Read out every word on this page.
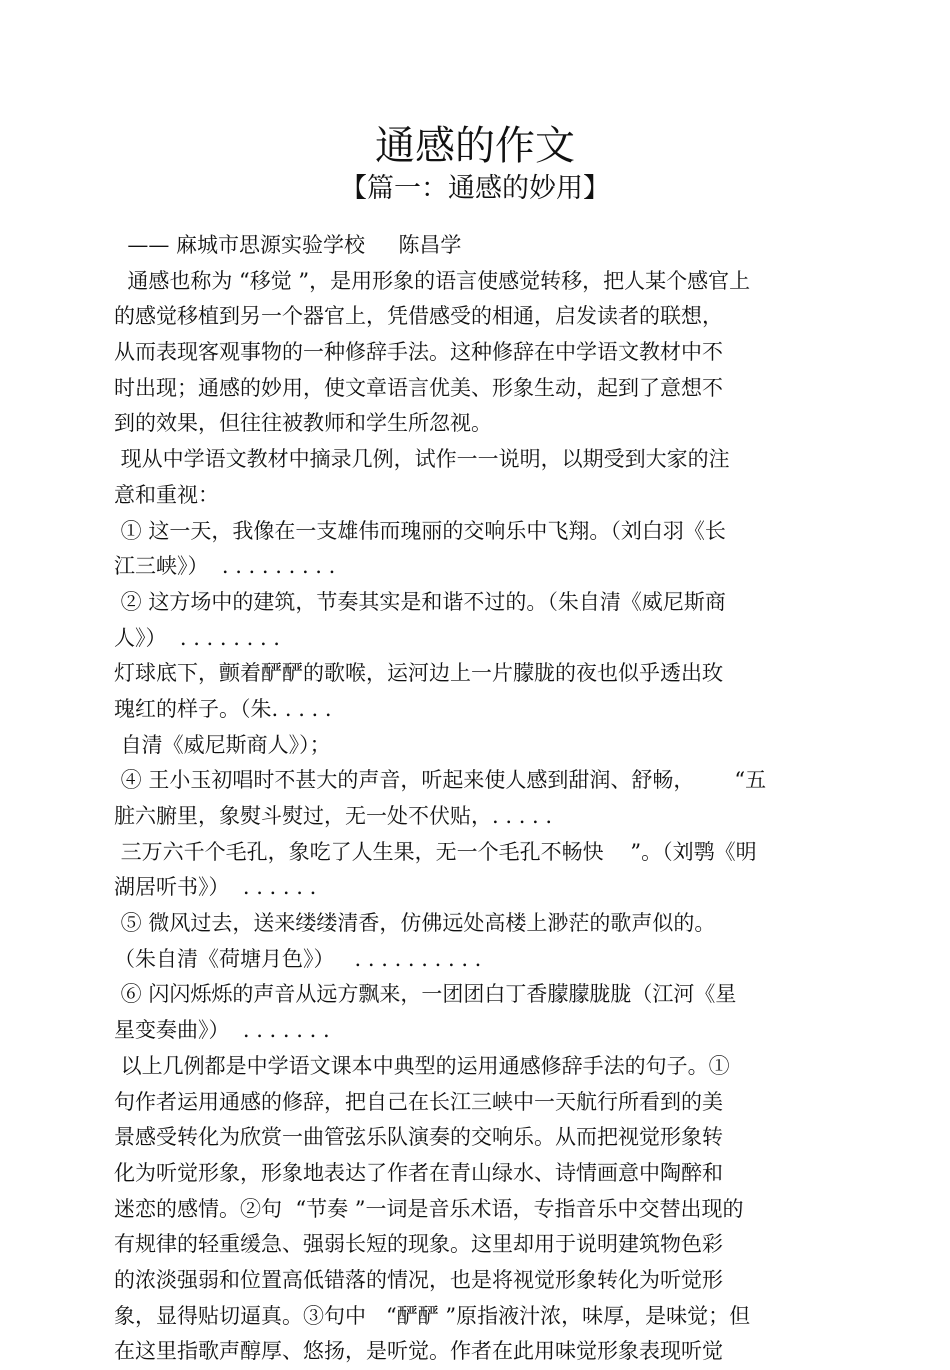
通感的作文
【篇一：通感的妙用】
—— 麻城市思源实验学校     陈昌学
通感也称为 “移觉 ”，是用形象的语言使感觉转移，把人某个感官上
的感觉移植到另一个器官上，凭借感受的相通，启发读者的联想，
从而表现客观事物的一种修辞手法。这种修辞在中学语文教材中不
时出现；通感的妙用，使文章语言优美、形象生动，起到了意想不
到的效果，但往往被教师和学生所忽视。
现从中学语文教材中摘录几例，试作一一说明，以期受到大家的注
意和重视：
① 这一天，我像在一支雄伟而瑰丽的交响乐中飞翔。（刘白羽《长
江三峡》）  . . . . . . . . .
② 这方场中的建筑，节奏其实是和谐不过的。（朱自清《威尼斯商
人》）  . . . . . . . .
灯球底下，颤着酽酽的歌喉，运河边上一片朦胧的夜也似乎透出玫
瑰红的样子。（朱. . . . .
自清《威尼斯商人》）；
④ 王小玉初唱时不甚大的声音，听起来使人感到甜润、舒畅，      “五
脏六腑里，象熨斗熨过，无一处不伏贴，. . . . .
三万六千个毛孔，象吃了人生果，无一个毛孔不畅快    ”。（刘鹗《明
湖居听书》）  . . . . . .
⑤ 微风过去，送来缕缕清香，仿佛远处高楼上渺茫的歌声似的。
（朱自清《荷塘月色》）   . . . . . . . . . .
⑥ 闪闪烁烁的声音从远方飘来，一团团白丁香朦朦胧胧（江河《星
星变奏曲》）  . . . . . . .
以上几例都是中学语文课本中典型的运用通感修辞手法的句子。①
句作者运用通感的修辞，把自己在长江三峡中一天航行所看到的美
景感受转化为欣赏一曲管弦乐队演奏的交响乐。从而把视觉形象转
化为听觉形象，形象地表达了作者在青山绿水、诗情画意中陶醉和
迷恋的感情。②句  “节奏 ”一词是音乐术语，专指音乐中交替出现的
有规律的轻重缓急、强弱长短的现象。这里却用于说明建筑物色彩
的浓淡强弱和位置高低错落的情况，也是将视觉形象转化为听觉形
象，显得贴切逼真。③句中   “酽酽 ”原指液汁浓，味厚，是味觉；但
在这里指歌声醇厚、悠扬，是听觉。作者在此用味觉形象表现听觉
